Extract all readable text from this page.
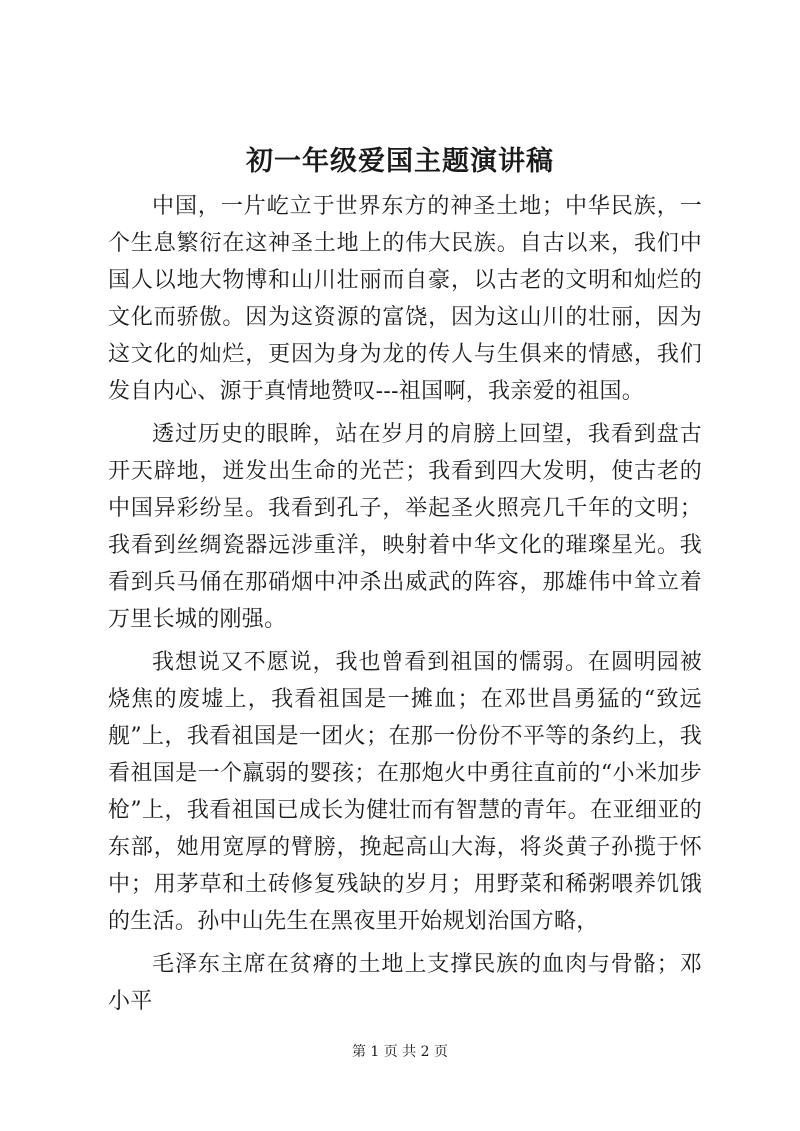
初一年级爱国主题演讲稿

中国，一片屹立于世界东方的神圣土地；中华民族，一个生息繁衍在这神圣土地上的伟大民族。自古以来，我们中国人以地大物博和山川壮丽而自豪，以古老的文明和灿烂的文化而骄傲。因为这资源的富饶，因为这山川的壮丽，因为这文化的灿烂，更因为身为龙的传人与生俱来的情感，我们发自内心、源于真情地赞叹---祖国啊，我亲爱的祖国。

透过历史的眼眸，站在岁月的肩膀上回望，我看到盘古开天辟地，迸发出生命的光芒；我看到四大发明，使古老的中国异彩纷呈。我看到孔子，举起圣火照亮几千年的文明；我看到丝绸瓷器远涉重洋，映射着中华文化的璀璨星光。我看到兵马俑在那硝烟中冲杀出威武的阵容，那雄伟中耸立着万里长城的刚强。

我想说又不愿说，我也曾看到祖国的懦弱。在圆明园被烧焦的废墟上，我看祖国是一摊血；在邓世昌勇猛的“致远舰”上，我看祖国是一团火；在那一份份不平等的条约上，我看祖国是一个羸弱的婴孩；在那炮火中勇往直前的“小米加步枪”上，我看祖国已成长为健壮而有智慧的青年。在亚细亚的东部，她用宽厚的臂膀，挽起高山大海，将炎黄子孙揽于怀中；用茅草和土砖修复残缺的岁月；用野菜和稀粥喂养饥饿的生活。孙中山先生在黑夜里开始规划治国方略，

毛泽东主席在贫瘠的土地上支撑民族的血肉与骨骼；邓小平

第 1 页 共 2 页
